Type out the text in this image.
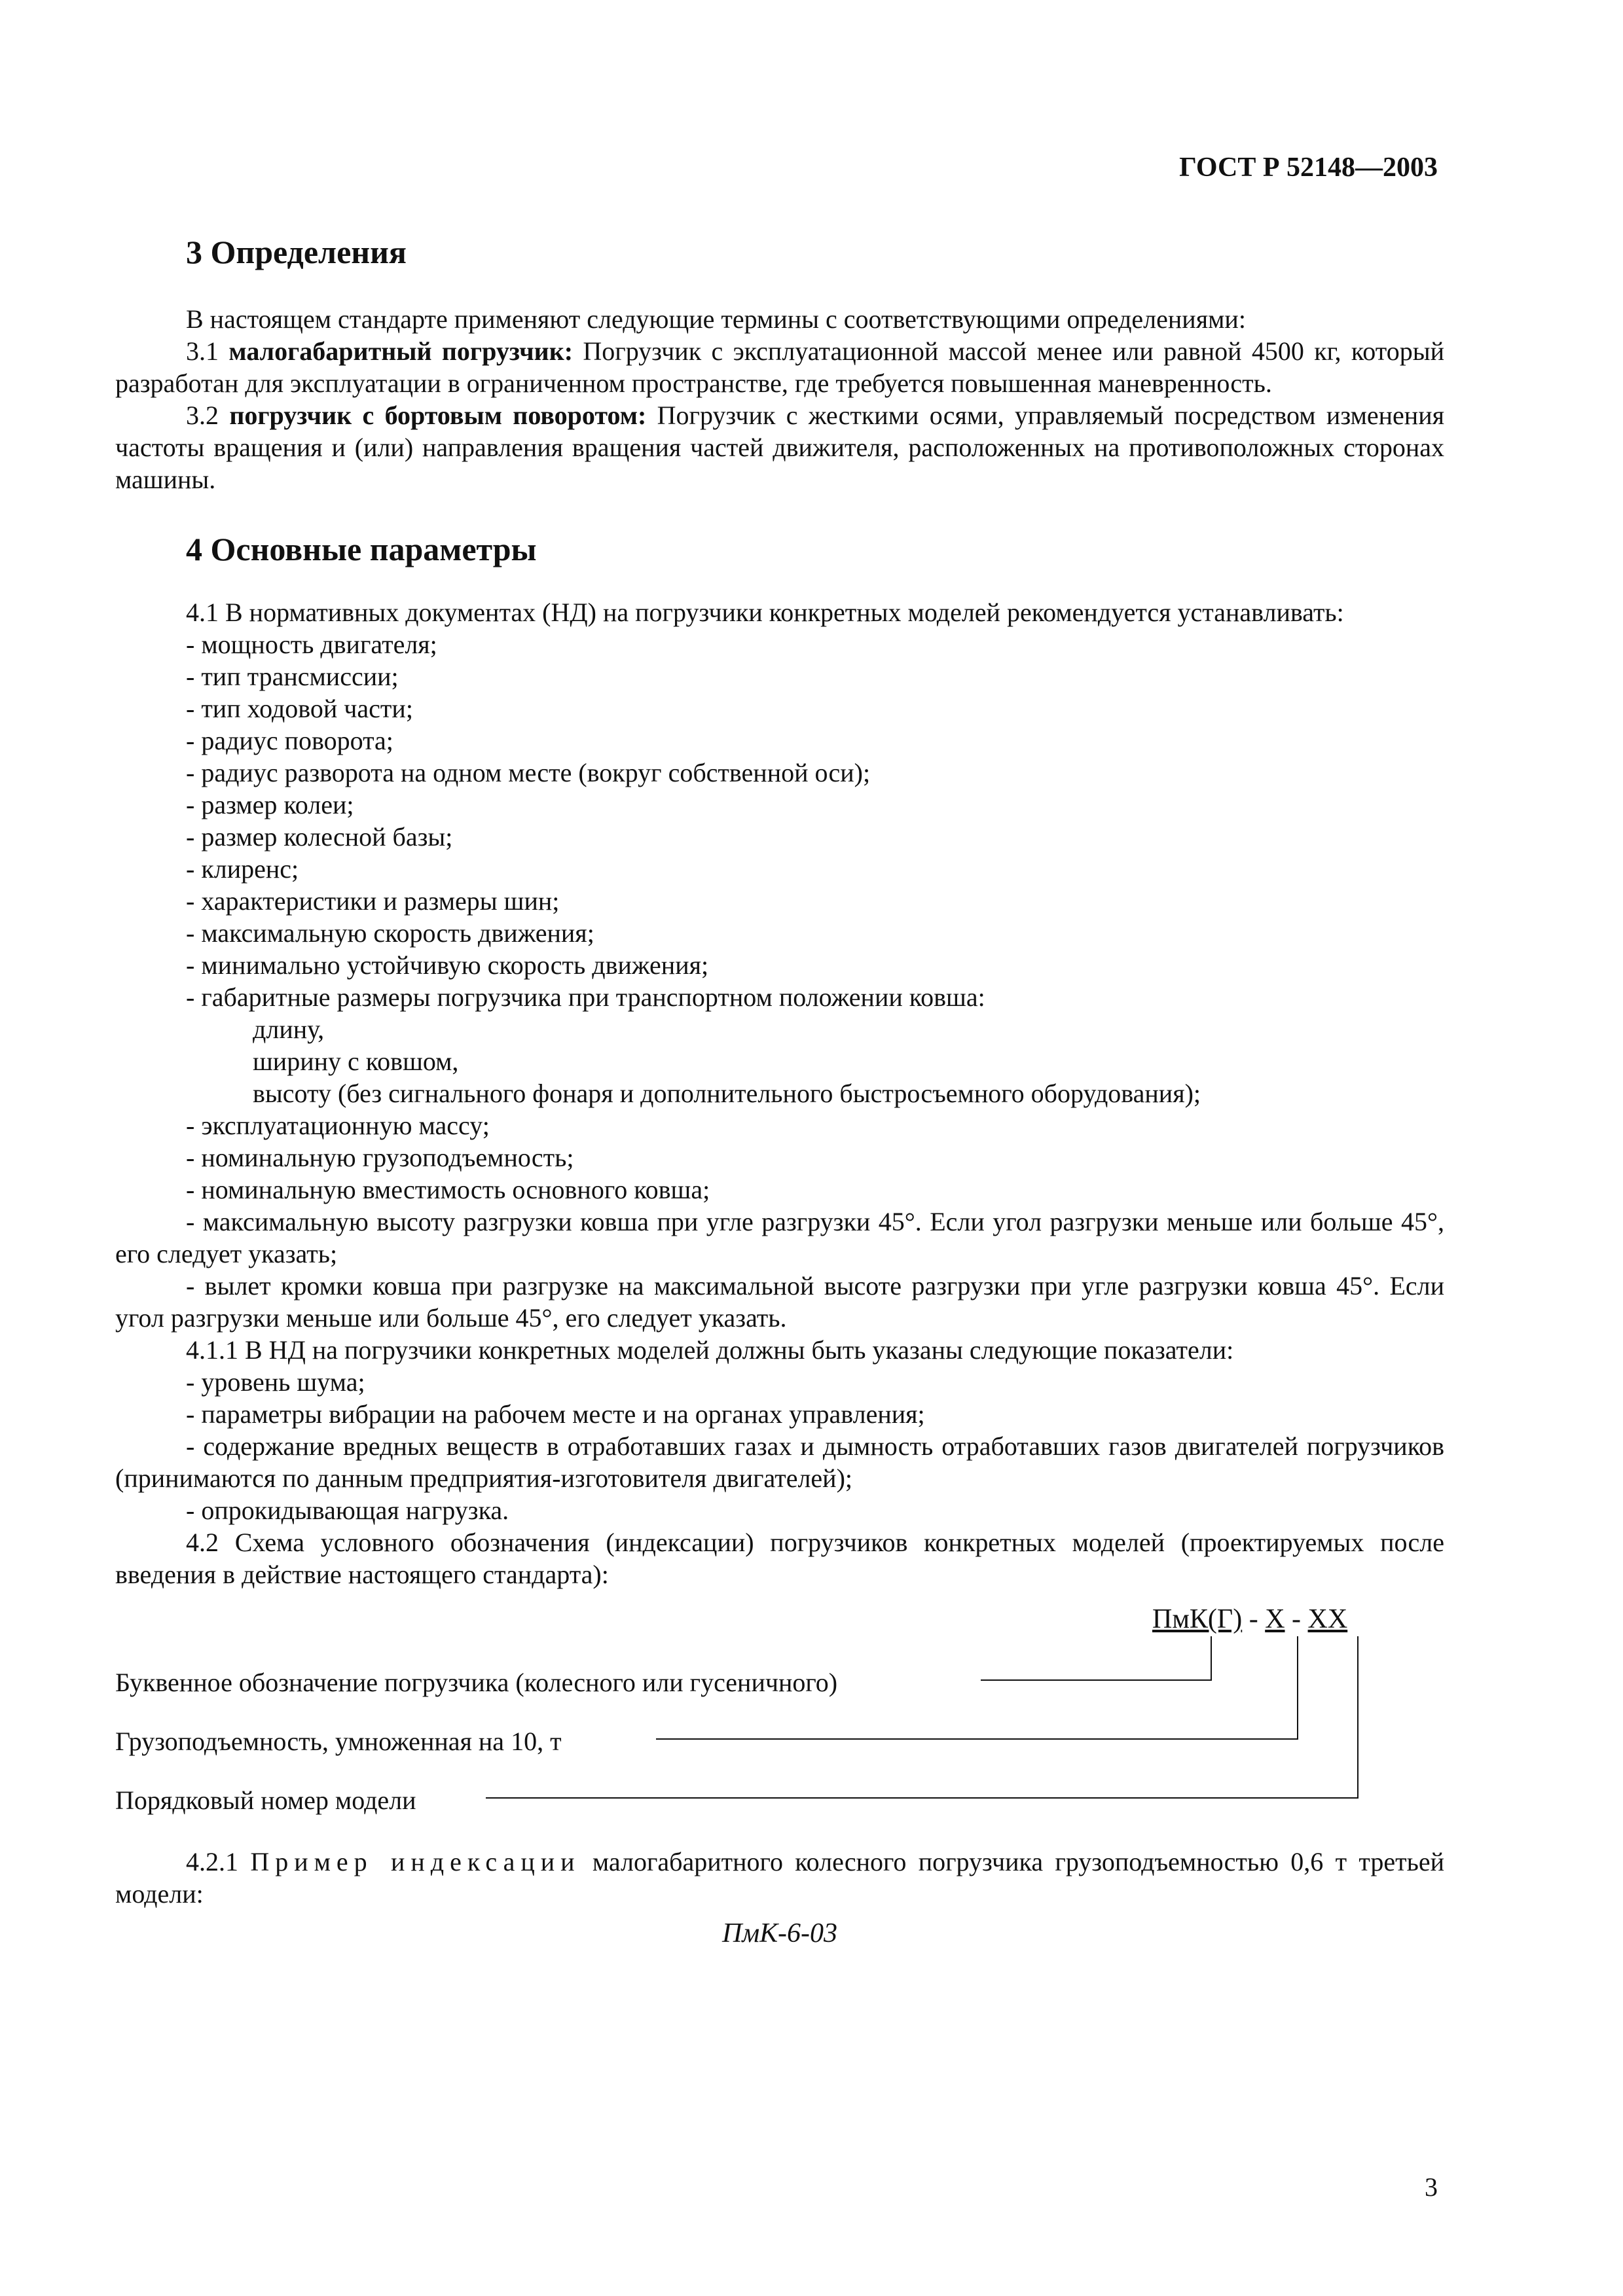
ГОСТ Р 52148—2003
3 Определения

В настоящем стандарте применяют следующие термины с соответствующими определениями:

3.1 малогабаритный погрузчик: Погрузчик с эксплуатационной массой менее или равной 4500 кг, который разработан для эксплуатации в ограниченном пространстве, где требуется повышенная маневренность.

3.2 погрузчик с бортовым поворотом: Погрузчик с жесткими осями, управляемый посредством изменения частоты вращения и (или) направления вращения частей движителя, расположенных на противоположных сторонах машины.

4 Основные параметры

4.1 В нормативных документах (НД) на погрузчики конкретных моделей рекомендуется устанавливать:

- мощность двигателя;
- тип трансмиссии;
- тип ходовой части;
- радиус поворота;
- радиус разворота на одном месте (вокруг собственной оси);
- размер колеи;
- размер колесной базы;
- клиренс;
- характеристики и размеры шин;
- максимальную скорость движения;
- минимально устойчивую скорость движения;
- габаритные размеры погрузчика при транспортном положении ковша:
длину,
ширину с ковшом,
высоту (без сигнального фонаря и дополнительного быстросъемного оборудования);
- эксплуатационную массу;
- номинальную грузоподъемность;
- номинальную вместимость основного ковша;

- максимальную высоту разгрузки ковша при угле разгрузки 45°. Если угол разгрузки меньше или больше 45°, его следует указать;

- вылет кромки ковша при разгрузке на максимальной высоте разгрузки при угле разгрузки ковша 45°. Если угол разгрузки меньше или больше 45°, его следует указать.

4.1.1 В НД на погрузчики конкретных моделей должны быть указаны следующие показатели:

- уровень шума;
- параметры вибрации на рабочем месте и на органах управления;

- содержание вредных веществ в отработавших газах и дымность отработавших газов двигателей погрузчиков (принимаются по данным предприятия-изготовителя двигателей);

- опрокидывающая нагрузка.

4.2 Схема условного обозначения (индексации) погрузчиков конкретных моделей (проектируемых после введения в действие настоящего стандарта):

ПмК(Г) - Х - ХХ
Буквенное обозначение погрузчика (колесного или гусеничного)
Грузоподъемность, умноженная на 10, т
Порядковый номер модели

4.2.1 Пример индексации малогабаритного колесного погрузчика грузоподъемностью 0,6 т третьей модели:

ПмК-6-03
3
